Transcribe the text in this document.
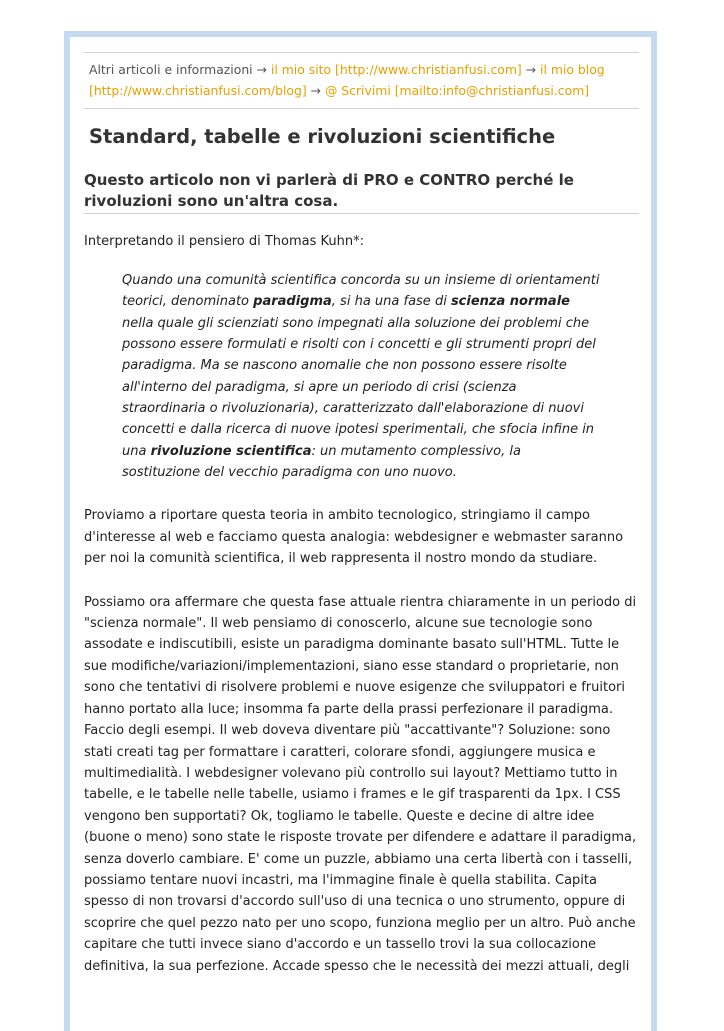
Altri articoli e informazioni → il mio sito [http://www.christianfusi.com] → il mio blog
[http://www.christianfusi.com/blog] → @ Scrivimi [mailto:info@christianfusi.com]
Standard, tabelle e rivoluzioni scientifiche
Questo articolo non vi parlerà di PRO e CONTRO perché le rivoluzioni sono un'altra cosa.

Interpretando il pensiero di Thomas Kuhn*:

Quando una comunità scientifica concorda su un insieme di orientamenti teorici, denominato paradigma, si ha una fase di scienza normale nella quale gli scienziati sono impegnati alla soluzione dei problemi che possono essere formulati e risolti con i concetti e gli strumenti propri del paradigma. Ma se nascono anomalie che non possono essere risolte all'interno del paradigma, si apre un periodo di crisi (scienza straordinaria o rivoluzionaria), caratterizzato dall'elaborazione di nuovi concetti e dalla ricerca di nuove ipotesi sperimentali, che sfocia infine in una rivoluzione scientifica: un mutamento complessivo, la sostituzione del vecchio paradigma con uno nuovo.

Proviamo a riportare questa teoria in ambito tecnologico, stringiamo il campo d'interesse al web e facciamo questa analogia: webdesigner e webmaster saranno per noi la comunità scientifica, il web rappresenta il nostro mondo da studiare.

Possiamo ora affermare che questa fase attuale rientra chiaramente in un periodo di "scienza normale". Il web pensiamo di conoscerlo, alcune sue tecnologie sono assodate e indiscutibili, esiste un paradigma dominante basato sull'HTML. Tutte le sue modifiche/variazioni/implementazioni, siano esse standard o proprietarie, non sono che tentativi di risolvere problemi e nuove esigenze che sviluppatori e fruitori hanno portato alla luce; insomma fa parte della prassi perfezionare il paradigma. Faccio degli esempi. Il web doveva diventare più "accattivante"? Soluzione: sono stati creati tag per formattare i caratteri, colorare sfondi, aggiungere musica e multimedialità. I webdesigner volevano più controllo sui layout? Mettiamo tutto in tabelle, e le tabelle nelle tabelle, usiamo i frames e le gif trasparenti da 1px. I CSS vengono ben supportati? Ok, togliamo le tabelle. Queste e decine di altre idee (buone o meno) sono state le risposte trovate per difendere e adattare il paradigma, senza doverlo cambiare. E' come un puzzle, abbiamo una certa libertà con i tasselli, possiamo tentare nuovi incastri, ma l'immagine finale è quella stabilita. Capita spesso di non trovarsi d'accordo sull'uso di una tecnica o uno strumento, oppure di scoprire che quel pezzo nato per uno scopo, funziona meglio per un altro. Può anche capitare che tutti invece siano d'accordo e un tassello trovi la sua collocazione definitiva, la sua perfezione. Accade spesso che le necessità dei mezzi attuali, degli
